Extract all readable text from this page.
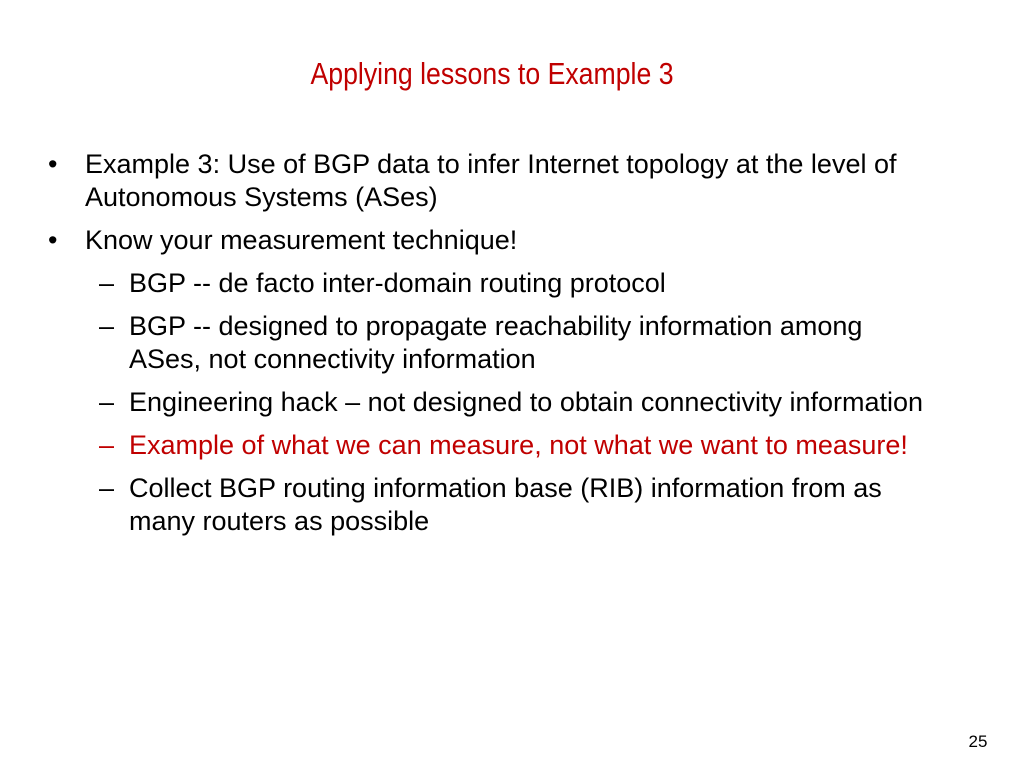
Applying lessons to Example 3
• Example 3: Use of BGP data to infer Internet topology at the level of Autonomous Systems (ASes)
• Know your measurement technique!
– BGP -- de facto inter-domain routing protocol
– BGP -- designed to propagate reachability information among ASes, not connectivity information
– Engineering hack – not designed to obtain connectivity information
– Example of what we can measure, not what we want to measure!
– Collect BGP routing information base (RIB) information from as many routers as possible
25
